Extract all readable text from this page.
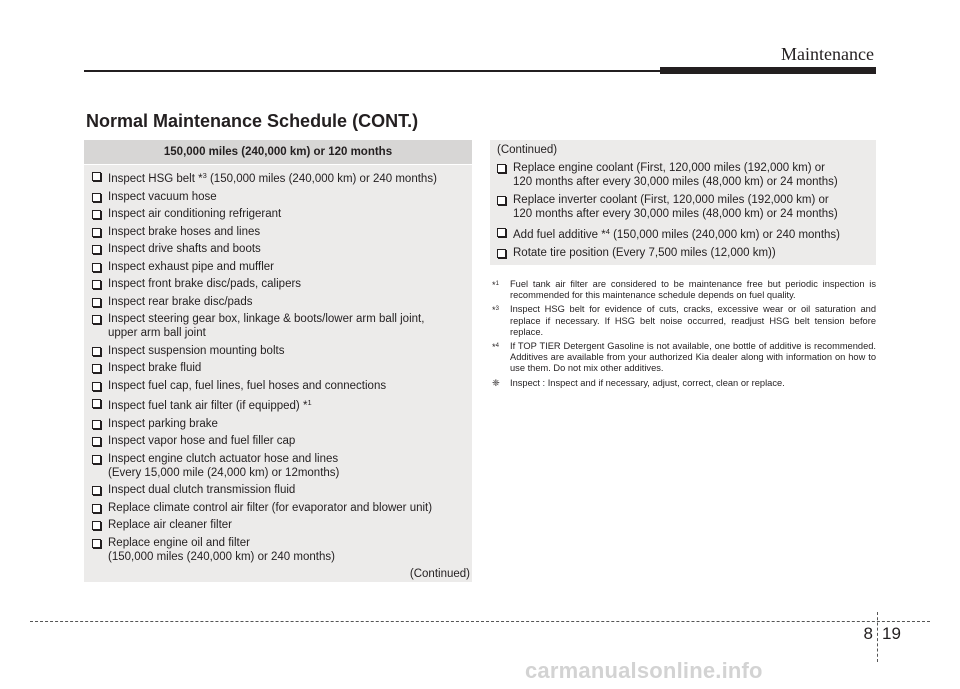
Maintenance
Normal Maintenance Schedule (CONT.)
150,000 miles (240,000 km) or 120 months
Inspect HSG belt *$^3$ (150,000 miles (240,000 km) or 240 months)
Inspect vacuum hose
Inspect air conditioning refrigerant
Inspect brake hoses and lines
Inspect drive shafts and boots
Inspect exhaust pipe and muffler
Inspect front brake disc/pads, calipers
Inspect rear brake disc/pads
Inspect steering gear box, linkage & boots/lower arm ball joint,
upper arm ball joint
Inspect suspension mounting bolts
Inspect brake fluid
Inspect fuel cap, fuel lines, fuel hoses and connections
Inspect fuel tank air filter (if equipped) *$^1$
Inspect parking brake
Inspect vapor hose and fuel filler cap
Inspect engine clutch actuator hose and lines
(Every 15,000 mile (24,000 km) or 12months)
Inspect dual clutch transmission fluid
Replace climate control air filter (for evaporator and blower unit)
Replace air cleaner filter
Replace engine oil and filter
(150,000 miles (240,000 km) or 240 months)
(Continued)
(Continued)
Replace engine coolant (First, 120,000 miles (192,000 km) or
120 months after every 30,000 miles (48,000 km) or 24 months)
Replace inverter coolant (First, 120,000 miles (192,000 km) or
120 months after every 30,000 miles (48,000 km) or 24 months)
Add fuel additive *$^4$ (150,000 miles (240,000 km) or 240 months)
Rotate tire position (Every 7,500 miles (12,000 km))
*$^1$ Fuel tank air filter are considered to be maintenance free but periodic inspection is recommended for this maintenance schedule depends on fuel quality.
*$^3$ Inspect HSG belt for evidence of cuts, cracks, excessive wear or oil saturation and replace if necessary. If HSG belt noise occurred, readjust HSG belt tension before replace.
*$^4$ If TOP TIER Detergent Gasoline is not available, one bottle of additive is recommended. Additives are available from your authorized Kia dealer along with information on how to use them. Do not mix other additives.
❈ Inspect : Inspect and if necessary, adjust, correct, clean or replace.
8 19
carmanualsonline.info
